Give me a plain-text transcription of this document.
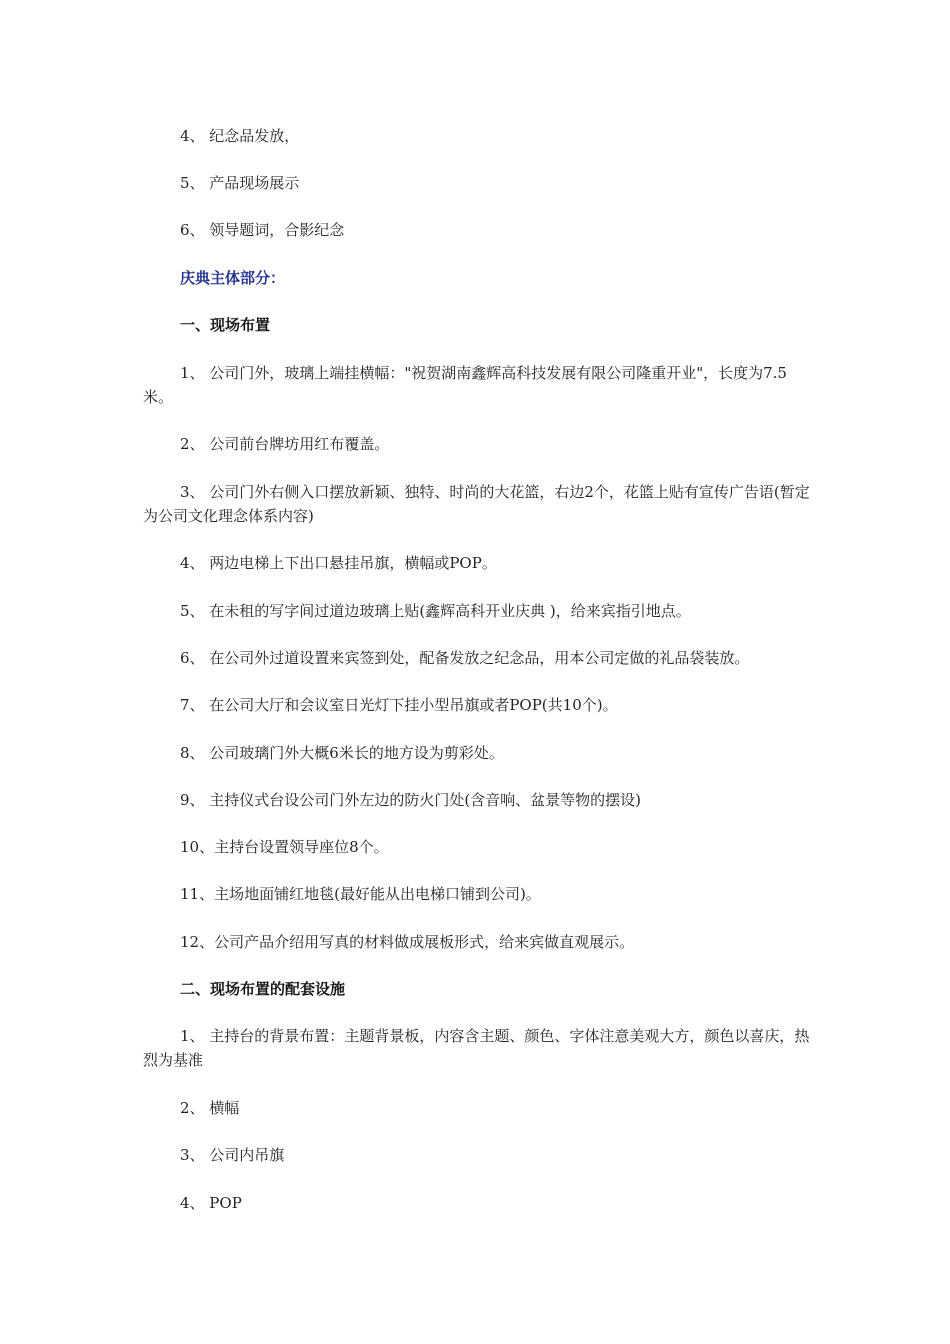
4、 纪念品发放，
5、 产品现场展示
6、 领导题词，合影纪念
庆典主体部分：
一、现场布置
1、 公司门外，玻璃上端挂横幅："祝贺湖南鑫辉高科技发展有限公司隆重开业"，长度为7.5米。
2、 公司前台牌坊用红布覆盖。
3、 公司门外右侧入口摆放新颖、独特、时尚的大花篮，右边2个，花篮上贴有宣传广告语(暂定为公司文化理念体系内容)
4、 两边电梯上下出口悬挂吊旗，横幅或POP。
5、 在未租的写字间过道边玻璃上贴(鑫辉高科开业庆典 )，给来宾指引地点。
6、 在公司外过道设置来宾签到处，配备发放之纪念品，用本公司定做的礼品袋装放。
7、 在公司大厅和会议室日光灯下挂小型吊旗或者POP(共10个)。
8、 公司玻璃门外大概6米长的地方设为剪彩处。
9、 主持仪式台设公司门外左边的防火门处(含音响、盆景等物的摆设)
10、主持台设置领导座位8个。
11、主场地面铺红地毯(最好能从出电梯口铺到公司)。
12、公司产品介绍用写真的材料做成展板形式，给来宾做直观展示。
二、现场布置的配套设施
1、 主持台的背景布置：主题背景板，内容含主题、颜色、字体注意美观大方，颜色以喜庆，热烈为基准
2、 横幅
3、 公司内吊旗
4、 POP
